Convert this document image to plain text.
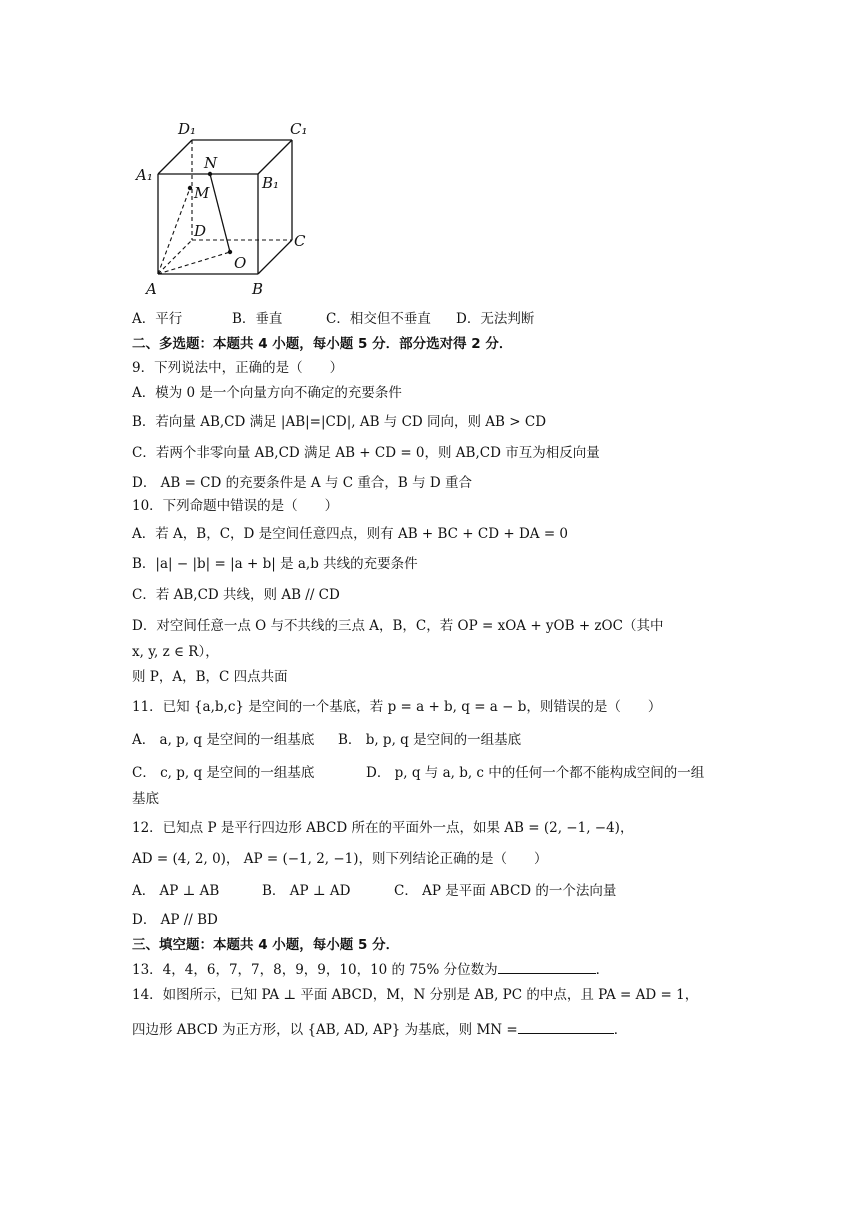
D₁	C₁
A₁	B₁
N
M
D
C
O
A	B
A．平行	B．垂直	C．相交但不垂直 D．无法判断
二、多选题：本题共 4 小题，每小题 5 分．部分选对得 2 分．
9．下列说法中，正确的是（　　）
A．模为 0 是一个向量方向不确定的充要条件
B．若向量 AB,CD 满足 |AB|=|CD|, AB 与 CD 同向，则 AB > CD
C．若两个非零向量 AB,CD 满足 AB + CD = 0，则 AB,CD 市互为相反向量
D． AB = CD 的充要条件是 A 与 C 重合，B 与 D 重合
10．下列命题中错误的是（　　）
A．若 A，B，C，D 是空间任意四点，则有 AB + BC + CD + DA = 0
B．|a| − |b| = |a + b| 是 a,b 共线的充要条件
C．若 AB,CD 共线，则 AB // CD
D．对空间任意一点 O 与不共线的三点 A，B，C，若 OP = xOA + yOB + zOC（其中
x, y, z ∈ R），
则 P，A，B，C 四点共面
11．已知 {a,b,c} 是空间的一个基底，若 p = a + b, q = a − b，则错误的是（　　）
A． a, p, q 是空间的一组基底 B． b, p, q 是空间的一组基底
C． c, p, q 是空间的一组基底	D． p, q 与 a, b, c 中的任何一个都不能构成空间的一组
基底
12．已知点 P 是平行四边形 ABCD 所在的平面外一点，如果 AB = (2, −1, −4)，
AD = (4, 2, 0)， AP = (−1, 2, −1)，则下列结论正确的是（　　）
A． AP ⊥ AB	B． AP ⊥ AD	C． AP 是平面 ABCD 的一个法向量
D． AP // BD
三、填空题：本题共 4 小题，每小题 5 分．
13．4，4，6，7，7，8，9，9，10，10 的 75% 分位数为	．
14．如图所示，已知 PA ⊥ 平面 ABCD，M，N 分别是 AB, PC 的中点，且 PA = AD = 1，
四边形 ABCD 为正方形，以 {AB, AD, AP} 为基底，则 MN =	．
